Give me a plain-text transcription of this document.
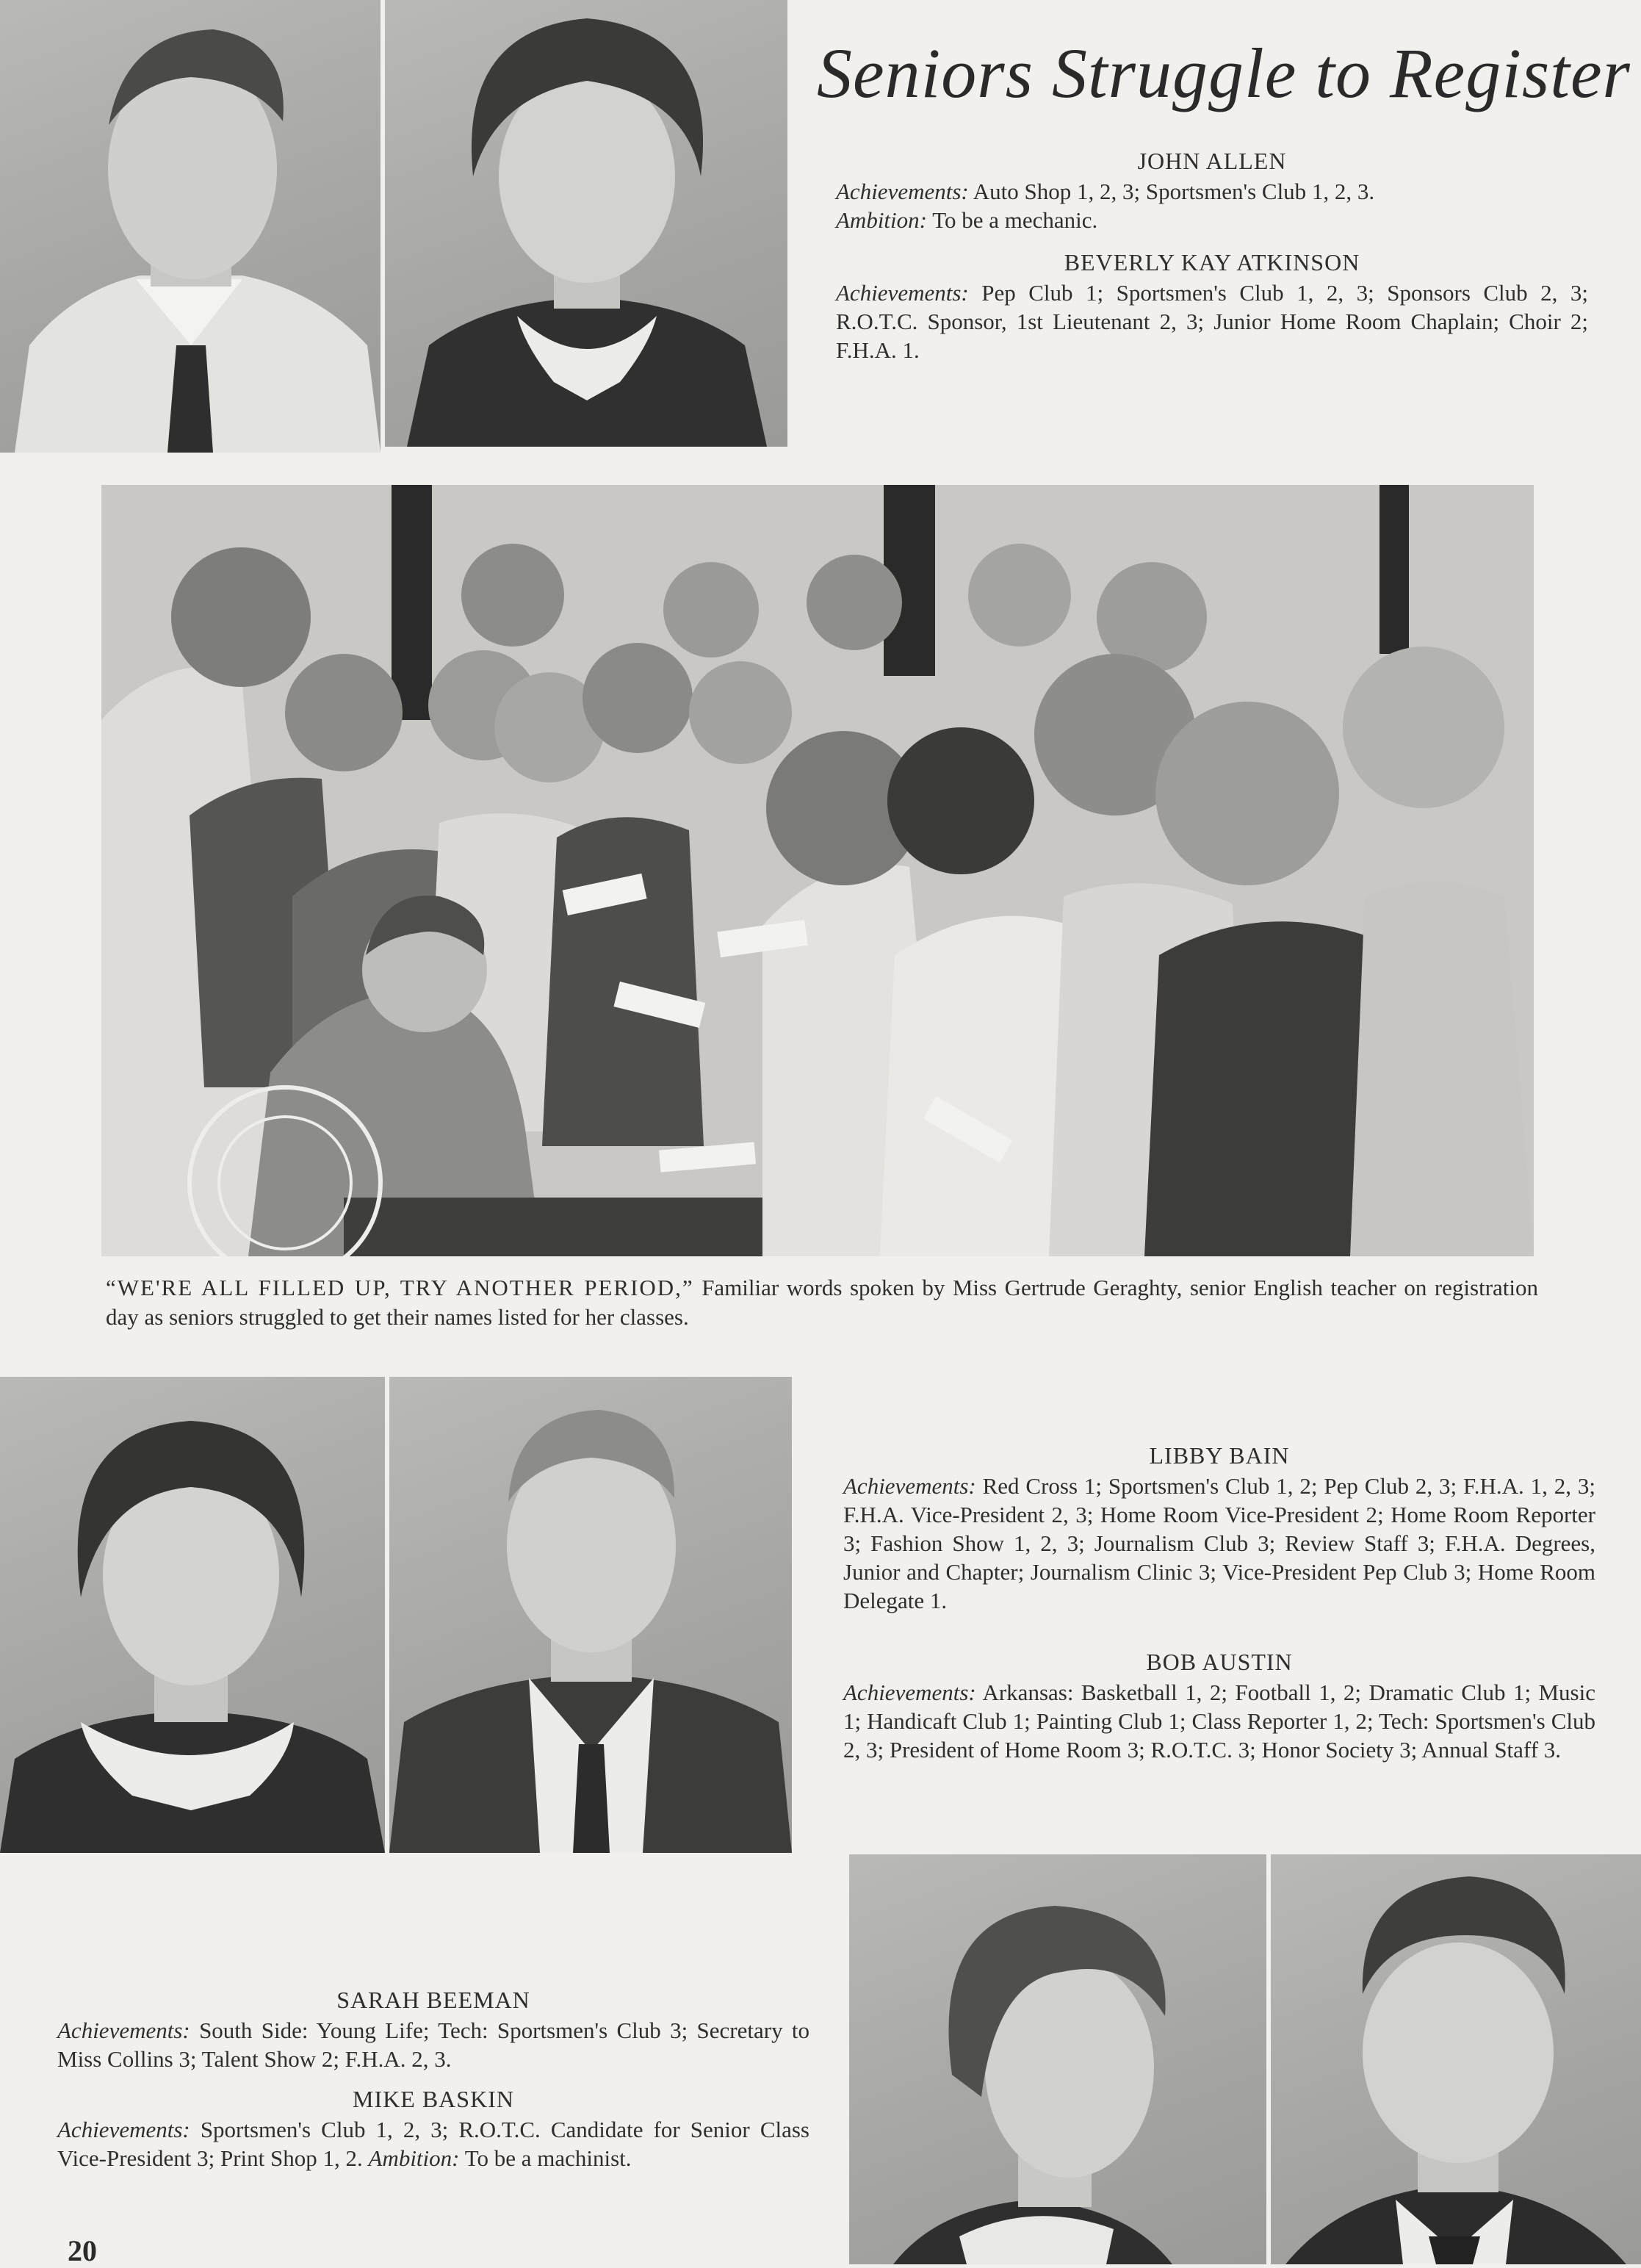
Seniors Struggle to Register
JOHN ALLEN
Achievements: Auto Shop 1, 2, 3; Sportsmen's Club 1, 2, 3.
Ambition: To be a mechanic.
BEVERLY KAY ATKINSON
Achievements: Pep Club 1; Sportsmen's Club 1, 2, 3; Sponsors Club 2, 3; R.O.T.C. Sponsor, 1st Lieutenant 2, 3; Junior Home Room Chaplain; Choir 2; F.H.A. 1.
“WE'RE ALL FILLED UP, TRY ANOTHER PERIOD,” Familiar words spoken by Miss Gertrude Geraghty, senior English teacher on registration day as seniors struggled to get their names listed for her classes.
LIBBY BAIN
Achievements: Red Cross 1; Sportsmen's Club 1, 2; Pep Club 2, 3; F.H.A. 1, 2, 3; F.H.A. Vice-President 2, 3; Home Room Vice-President 2; Home Room Reporter 3; Fashion Show 1, 2, 3; Journalism Club 3; Review Staff 3; F.H.A. Degrees, Junior and Chapter; Journalism Clinic 3; Vice-President Pep Club 3; Home Room Delegate 1.
BOB AUSTIN
Achievements: Arkansas: Basketball 1, 2; Football 1, 2; Dramatic Club 1; Music 1; Handicaft Club 1; Painting Club 1; Class Reporter 1, 2; Tech: Sportsmen's Club 2, 3; President of Home Room 3; R.O.T.C. 3; Honor Society 3; Annual Staff 3.
SARAH BEEMAN
Achievements: South Side: Young Life; Tech: Sportsmen's Club 3; Secretary to Miss Collins 3; Talent Show 2; F.H.A. 2, 3.
MIKE BASKIN
Achievements: Sportsmen's Club 1, 2, 3; R.O.T.C. Candidate for Senior Class Vice-President 3; Print Shop 1, 2. Ambition: To be a machinist.
20
